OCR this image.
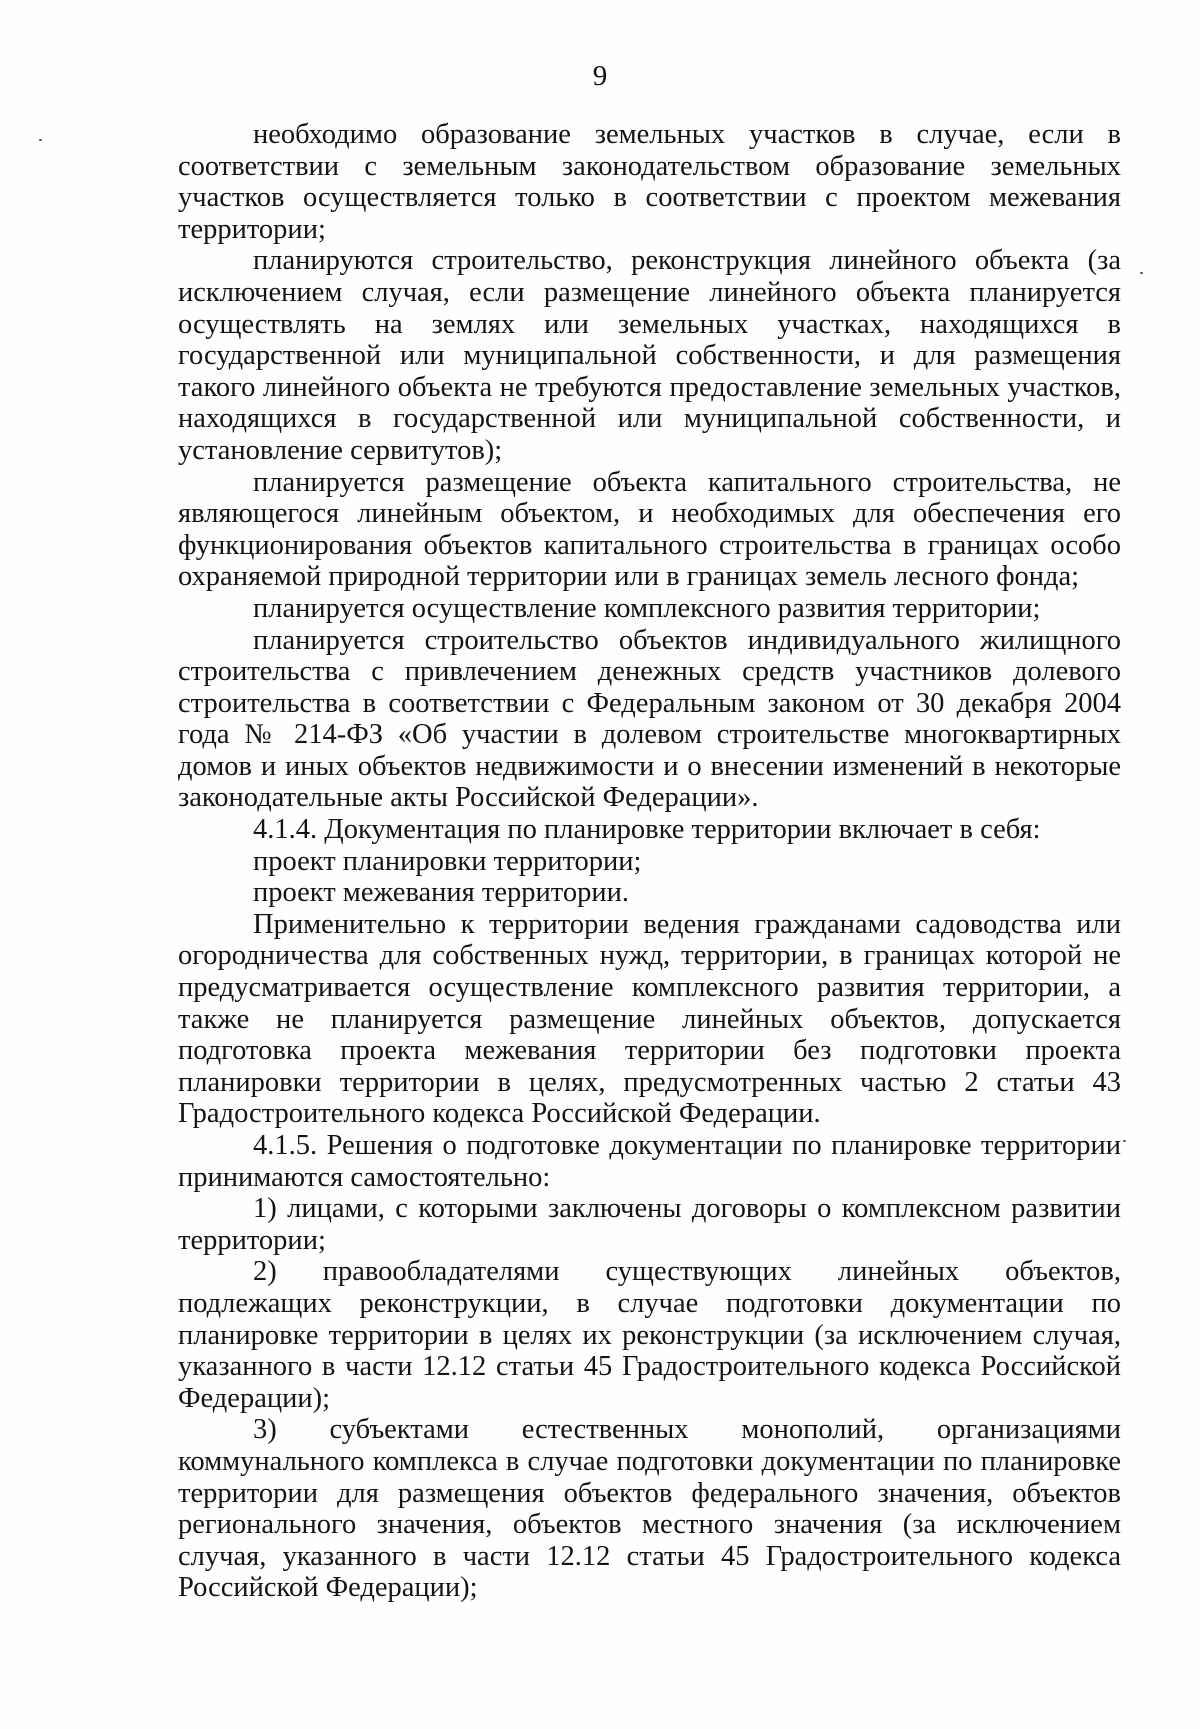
9

необходимо образование земельных участков в случае, если в соответствии с земельным законодательством образование земельных участков осуществляется только в соответствии с проектом межевания территории;

планируются строительство, реконструкция линейного объекта (за исключением случая, если размещение линейного объекта планируется осуществлять на землях или земельных участках, находящихся в государственной или муниципальной собственности, и для размещения такого линейного объекта не требуются предоставление земельных участков, находящихся в государственной или муниципальной собственности, и установление сервитутов);

планируется размещение объекта капитального строительства, не являющегося линейным объектом, и необходимых для обеспечения его функционирования объектов капитального строительства в границах особо охраняемой природной территории или в границах земель лесного фонда;

планируется осуществление комплексного развития территории;

планируется строительство объектов индивидуального жилищного строительства с привлечением денежных средств участников долевого строительства в соответствии с Федеральным законом от 30 декабря 2004 года № 214-ФЗ «Об участии в долевом строительстве многоквартирных домов и иных объектов недвижимости и о внесении изменений в некоторые законодательные акты Российской Федерации».

4.1.4. Документация по планировке территории включает в себя:

проект планировки территории;

проект межевания территории.

Применительно к территории ведения гражданами садоводства или огородничества для собственных нужд, территории, в границах которой не предусматривается осуществление комплексного развития территории, а также не планируется размещение линейных объектов, допускается подготовка проекта межевания территории без подготовки проекта планировки территории в целях, предусмотренных частью 2 статьи 43 Градостроительного кодекса Российской Федерации.

4.1.5. Решения о подготовке документации по планировке территории принимаются самостоятельно:

1) лицами, с которыми заключены договоры о комплексном развитии территории;

2) правообладателями существующих линейных объектов, подлежащих реконструкции, в случае подготовки документации по планировке территории в целях их реконструкции (за исключением случая, указанного в части 12.12 статьи 45 Градостроительного кодекса Российской Федерации);

3) субъектами естественных монополий, организациями коммунального комплекса в случае подготовки документации по планировке территории для размещения объектов федерального значения, объектов регионального значения, объектов местного значения (за исключением случая, указанного в части 12.12 статьи 45 Градостроительного кодекса Российской Федерации);
